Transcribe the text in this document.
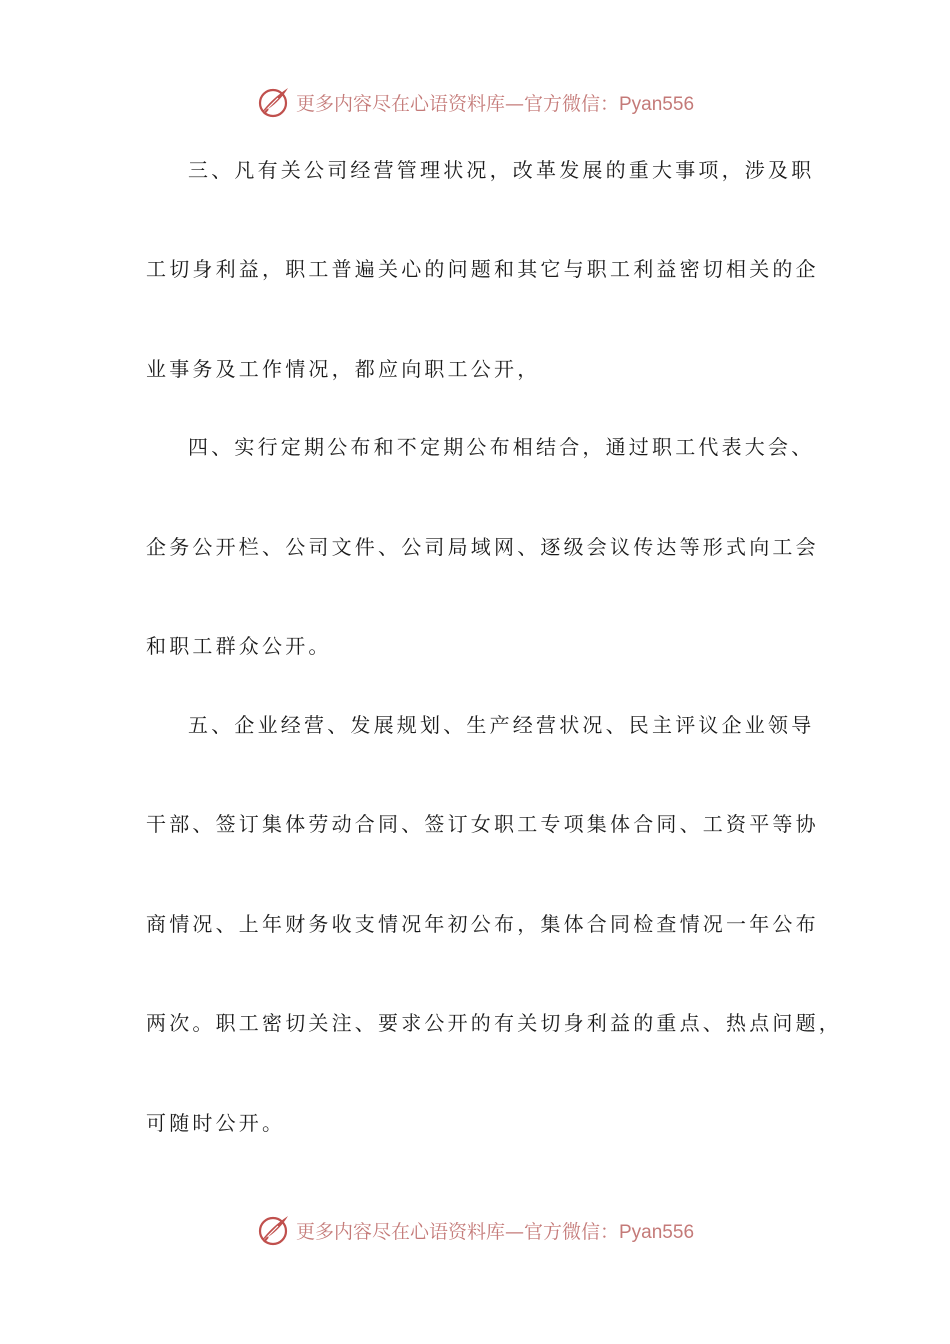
更多内容尽在心语资料库—官方微信：Pyan556
三、凡有关公司经营管理状况，改革发展的重大事项，涉及职
工切身利益，职工普遍关心的问题和其它与职工利益密切相关的企
业事务及工作情况，都应向职工公开，
四、实行定期公布和不定期公布相结合，通过职工代表大会、
企务公开栏、公司文件、公司局域网、逐级会议传达等形式向工会
和职工群众公开。
五、企业经营、发展规划、生产经营状况、民主评议企业领导
干部、签订集体劳动合同、签订女职工专项集体合同、工资平等协
商情况、上年财务收支情况年初公布，集体合同检查情况一年公布
两次。职工密切关注、要求公开的有关切身利益的重点、热点问题，
可随时公开。
更多内容尽在心语资料库—官方微信：Pyan556
